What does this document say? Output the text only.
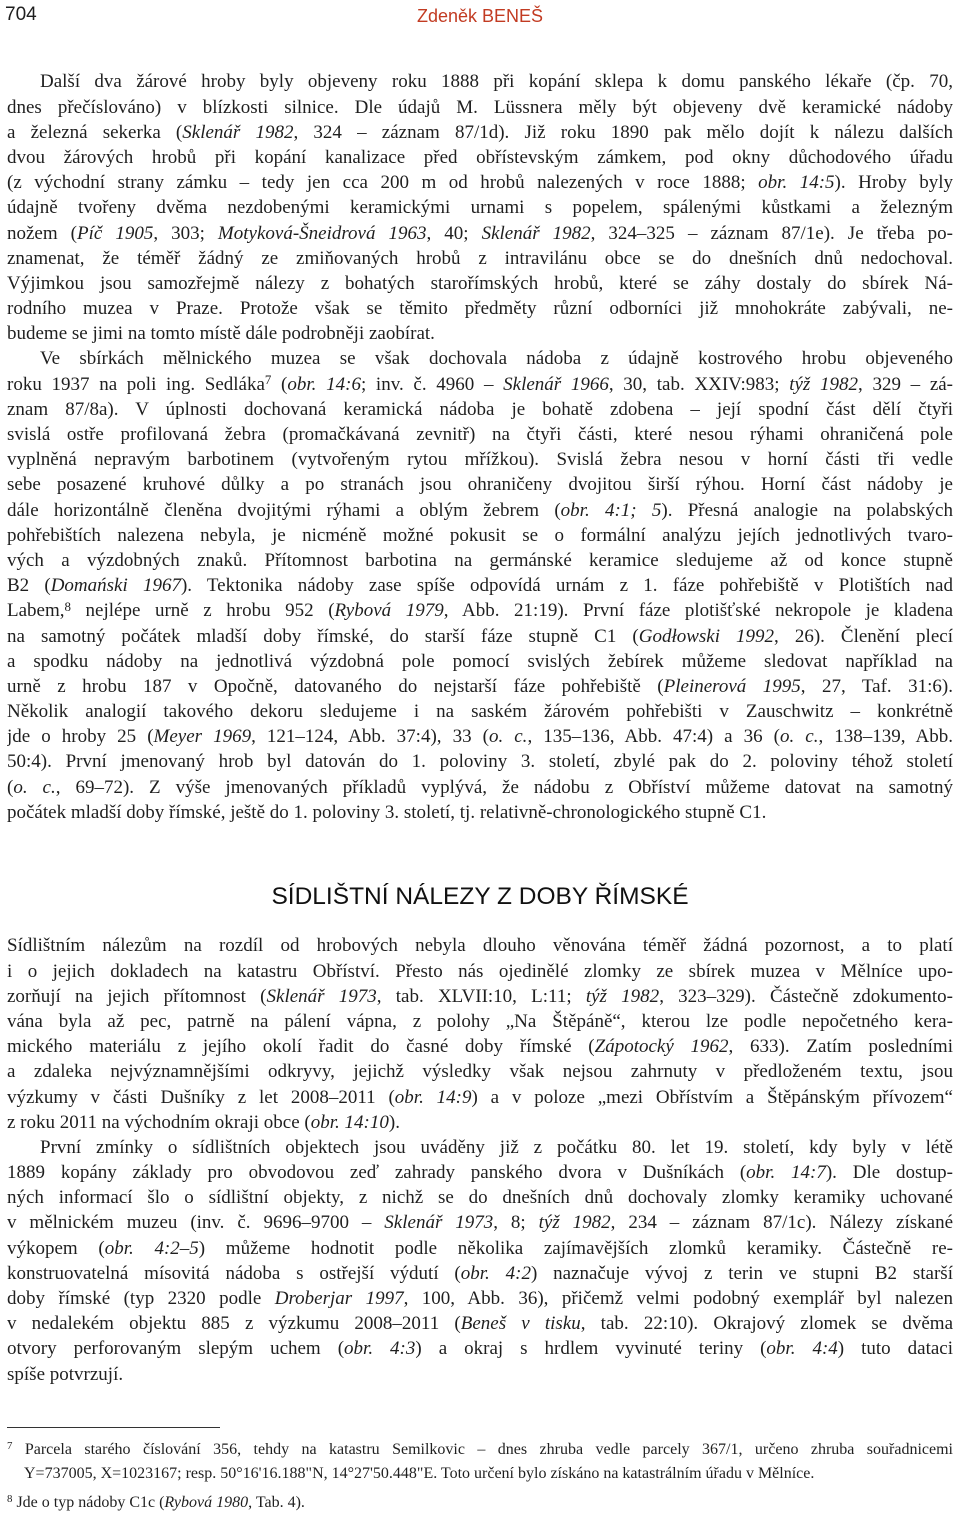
704	Zdeněk BENEŠ
Další dva žárové hroby byly objeveny roku 1888 při kopání sklepa k domu panského lékaře (čp. 70,
dnes přečíslováno) v blízkosti silnice. Dle údajů M. Lüssnera měly být objeveny dvě keramické nádoby
a železná sekerka (Sklenář 1982, 324 – záznam 87/1d). Již roku 1890 pak mělo dojít k nálezu dalších
dvou žárových hrobů při kopání kanalizace před obřístevským zámkem, pod okny důchodového úřadu
(z východní strany zámku – tedy jen cca 200 m od hrobů nalezených v roce 1888; obr. 14:5). Hroby byly
údajně tvořeny dvěma nezdobenými keramickými urnami s popelem, spálenými kůstkami a železným
nožem (Píč 1905, 303; Motyková-Šneidrová 1963, 40; Sklenář 1982, 324–325 – záznam 87/1e). Je třeba po-
znamenat, že téměř žádný ze zmiňovaných hrobů z intravilánu obce se do dnešních dnů nedochoval.
Výjimkou jsou samozřejmě nálezy z bohatých starořímských hrobů, které se záhy dostaly do sbírek Ná-
rodního muzea v Praze. Protože však se těmito předměty různí odborníci již mnohokráte zabývali, ne-
budeme se jimi na tomto místě dále podrobněji zaobírat.
Ve sbírkách mělnického muzea se však dochovala nádoba z údajně kostrového hrobu objeveného
roku 1937 na poli ing. Sedláka$^7$ (obr. 14:6; inv. č. 4960 – Sklenář 1966, 30, tab. XXIV:983; týž 1982, 329 – zá-
znam 87/8a). V úplnosti dochovaná keramická nádoba je bohatě zdobena – její spodní část dělí čtyři
svislá ostře profilovaná žebra (promačkávaná zevnitř) na čtyři části, které nesou rýhami ohraničená pole
vyplněná nepravým barbotinem (vytvořeným rytou mřížkou). Svislá žebra nesou v horní části tři vedle
sebe posazené kruhové důlky a po stranách jsou ohraničeny dvojitou širší rýhou. Horní část nádoby je
dále horizontálně členěna dvojitými rýhami a oblým žebrem (obr. 4:1; 5). Přesná analogie na polabských
pohřebištích nalezena nebyla, je nicméně možné pokusit se o formální analýzu jejích jednotlivých tvaro-
vých a výzdobných znaků. Přítomnost barbotina na germánské keramice sledujeme až od konce stupně
B2 (Domański 1967). Tektonika nádoby zase spíše odpovídá urnám z 1. fáze pohřebiště v Plotištích nad
Labem,$^8$ nejlépe urně z hrobu 952 (Rybová 1979, Abb. 21:19). První fáze plotišťské nekropole je kladena
na samotný počátek mladší doby římské, do starší fáze stupně C1 (Godłowski 1992, 26). Členění plecí
a spodku nádoby na jednotlivá výzdobná pole pomocí svislých žebírek můžeme sledovat například na
urně z hrobu 187 v Opočně, datovaného do nejstarší fáze pohřebiště (Pleinerová 1995, 27, Taf. 31:6).
Několik analogií takového dekoru sledujeme i na saském žárovém pohřebišti v Zauschwitz – konkrétně
jde o hroby 25 (Meyer 1969, 121–124, Abb. 37:4), 33 (o. c., 135–136, Abb. 47:4) a 36 (o. c., 138–139, Abb.
50:4). První jmenovaný hrob byl datován do 1. poloviny 3. století, zbylé pak do 2. poloviny téhož století
(o. c., 69–72). Z výše jmenovaných příkladů vyplývá, že nádobu z Obříství můžeme datovat na samotný
počátek mladší doby římské, ještě do 1. poloviny 3. století, tj. relativně-chronologického stupně C1.
SÍDLIŠTNÍ NÁLEZY Z DOBY ŘÍMSKÉ
Sídlištním nálezům na rozdíl od hrobových nebyla dlouho věnována téměř žádná pozornost, a to platí
i o jejich dokladech na katastru Obříství. Přesto nás ojedinělé zlomky ze sbírek muzea v Mělníce upo-
zorňují na jejich přítomnost (Sklenář 1973, tab. XLVII:10, L:11; týž 1982, 323–329). Částečně zdokumento-
vána byla až pec, patrně na pálení vápna, z polohy „Na Štěpáně“, kterou lze podle nepočetného kera-
mického materiálu z jejího okolí řadit do časné doby římské (Zápotocký 1962, 633). Zatím posledními
a zdaleka nejvýznamnějšími odkryvy, jejichž výsledky však nejsou zahrnuty v předloženém textu, jsou
výzkumy v části Dušníky z let 2008–2011 (obr. 14:9) a v poloze „mezi Obřístvím a Štěpánským přívozem“
z roku 2011 na východním okraji obce (obr. 14:10).
První zmínky o sídlištních objektech jsou uváděny již z počátku 80. let 19. století, kdy byly v létě
1889 kopány základy pro obvodovou zeď zahrady panského dvora v Dušníkách (obr. 14:7). Dle dostup-
ných informací šlo o sídlištní objekty, z nichž se do dnešních dnů dochovaly zlomky keramiky uchované
v mělnickém muzeu (inv. č. 9696–9700 – Sklenář 1973, 8; týž 1982, 234 – záznam 87/1c). Nálezy získané
výkopem (obr. 4:2–5) můžeme hodnotit podle několika zajímavějších zlomků keramiky. Částečně re-
konstruovatelná mísovitá nádoba s ostřejší výdutí (obr. 4:2) naznačuje vývoj z terin ve stupni B2 starší
doby římské (typ 2320 podle Droberjar 1997, 100, Abb. 36), přičemž velmi podobný exemplář byl nalezen
v nedalekém objektu 885 z výzkumu 2008–2011 (Beneš v tisku, tab. 22:10). Okrajový zlomek se dvěma
otvory perforovaným slepým uchem (obr. 4:3) a okraj s hrdlem vyvinuté teriny (obr. 4:4) tuto dataci
spíše potvrzují.
$^7$ Parcela starého číslování 356, tehdy na katastru Semilkovic – dnes zhruba vedle parcely 367/1, určeno zhruba souřadnicemi
Y=737005, X=1023167; resp. 50°16'16.188"N, 14°27'50.448"E. Toto určení bylo získáno na katastrálním úřadu v Mělníce.
$^8$ Jde o typ nádoby C1c (Rybová 1980, Tab. 4).
